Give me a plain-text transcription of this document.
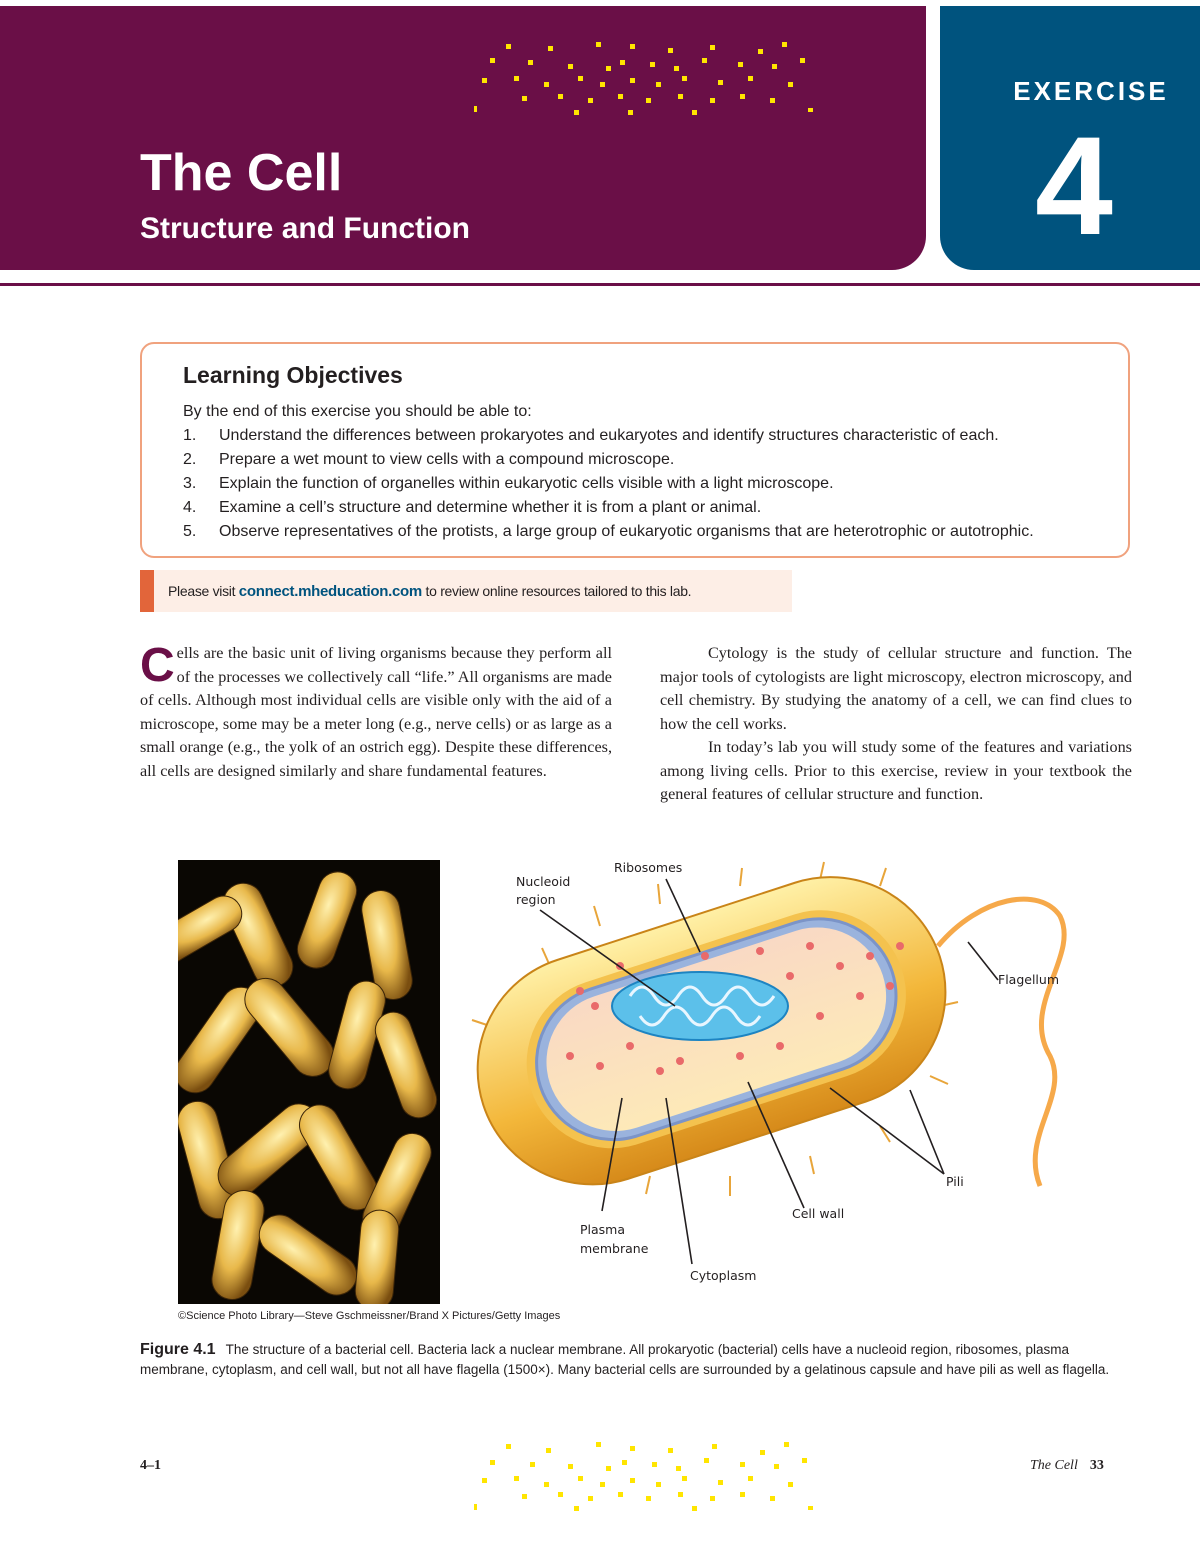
The Cell
Structure and Function
EXERCISE
4
Learning Objectives
By the end of this exercise you should be able to:
1. Understand the differences between prokaryotes and eukaryotes and identify structures characteristic of each.
2. Prepare a wet mount to view cells with a compound microscope.
3. Explain the function of organelles within eukaryotic cells visible with a light microscope.
4. Examine a cell’s structure and determine whether it is from a plant or animal.
5. Observe representatives of the protists, a large group of eukaryotic organisms that are heterotrophic or autotrophic.
Please visit connect.mheducation.com to review online resources tailored to this lab.

Cells are the basic unit of living organisms because they perform all of the processes we collectively call “life.” All organisms are made of cells. Although most individual cells are visible only with the aid of a microscope, some may be a meter long (e.g., nerve cells) or as large as a small orange (e.g., the yolk of an ostrich egg). Despite these differences, all cells are designed similarly and share fundamental features.

Cytology is the study of cellular structure and function. The major tools of cytologists are light microscopy, electron microscopy, and cell chemistry. By studying the anatomy of a cell, we can find clues to how the cell works.

In today’s lab you will study some of the features and variations among living cells. Prior to this exercise, review in your textbook the general features of cellular structure and function.

Ribosomes
Nucleoid
region
Flagellum
Pili
Cell wall
Plasma
membrane
Cytoplasm
©Science Photo Library—Steve Gschmeissner/Brand X Pictures/Getty Images
Figure 4.1 The structure of a bacterial cell. Bacteria lack a nuclear membrane. All prokaryotic (bacterial) cells have a nucleoid region, ribosomes, plasma membrane, cytoplasm, and cell wall, but not all have flagella (1500×). Many bacterial cells are surrounded by a gelatinous capsule and have pili as well as flagella.
4–1	The Cell 33
